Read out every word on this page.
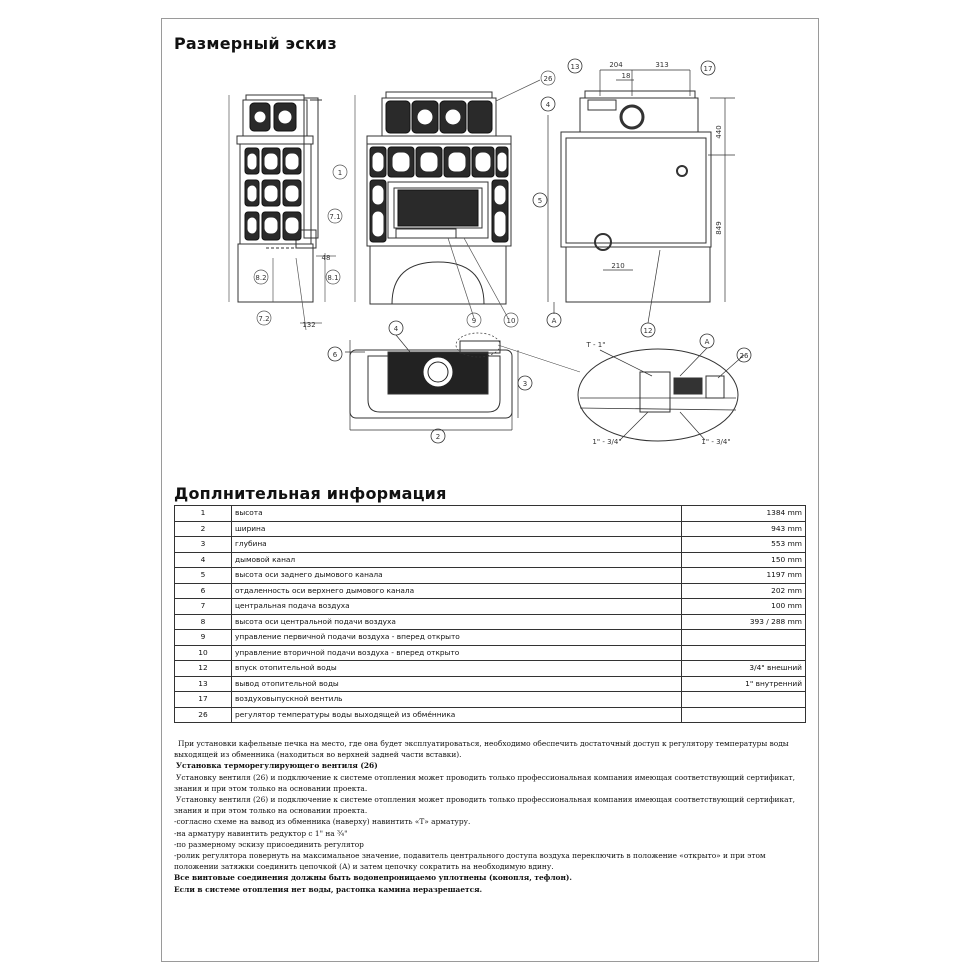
Размерный эскиз
26
4
13	17
1
5
7.1
7.2
8.2	8.1
9	10
12
A
6
3
2
4
A
26
204	313
18
440
849
48
132
210
T - 1"
1" - 3/4"	1" - 3/4"
Доплнительная информация
1	высота	1384 mm
2	ширина	943 mm
3	глубина	553 mm
4	дымовой канал	150 mm
5	высота оси заднего дымового канала	1197 mm
6	отдаленность оси верхнего дымового канала	202 mm
7	центральная подача воздуха	100 mm
8	высота оси центральной подачи воздуха	393 / 288 mm
9	управление первичной подачи воздуха - вперед открыто	
10	управление вторичной подачи воздуха - вперед открыто	
12	впуск отопительной воды	3/4" внешний
13	вывод отопительной воды	1" внутренний
17	воздуховыпускной вентиль	
26	регулятор температуры воды выходящей из обме́нника	

При установки кафельные печка на место, где она будет эксплуатироваться, необходимо обеспечить достаточный доступ к регулятору температуры воды выходящей из обменника (находиться во верхней задней части вставки).

Установка терморегулирующего вентиля (26)

Установку вентиля (26) и подключение к системе отопления может проводить только профессиональная компания имеющая соответствующий сертификат, знания и при этом только на основании проекта.

Установку вентиля (26) и подключение к системе отопления может проводить только профессиональная компания имеющая соответствующий сертификат, знания и при этом только на основании проекта.

-согласно схеме на вывод из обменника (наверху) навинтить «T» арматуру.

-на арматуру навинтить редуктор с 1" на ¾"

-по размерному эскизу присоединить регулятор

-ролик регулятора повернуть на максимальное значение, подавитель центрального доступа воздуха переключить в положение «открыто» и при этом положении затяжки соединить цепочкой (A) и затем цепочку сократить на необходимую вдину.

Все винтовые соединения должны быть водонепроницаемо уплотнены (конопля, тефлон).

Если в системе отопления нет воды, растопка камина неразрешается.
